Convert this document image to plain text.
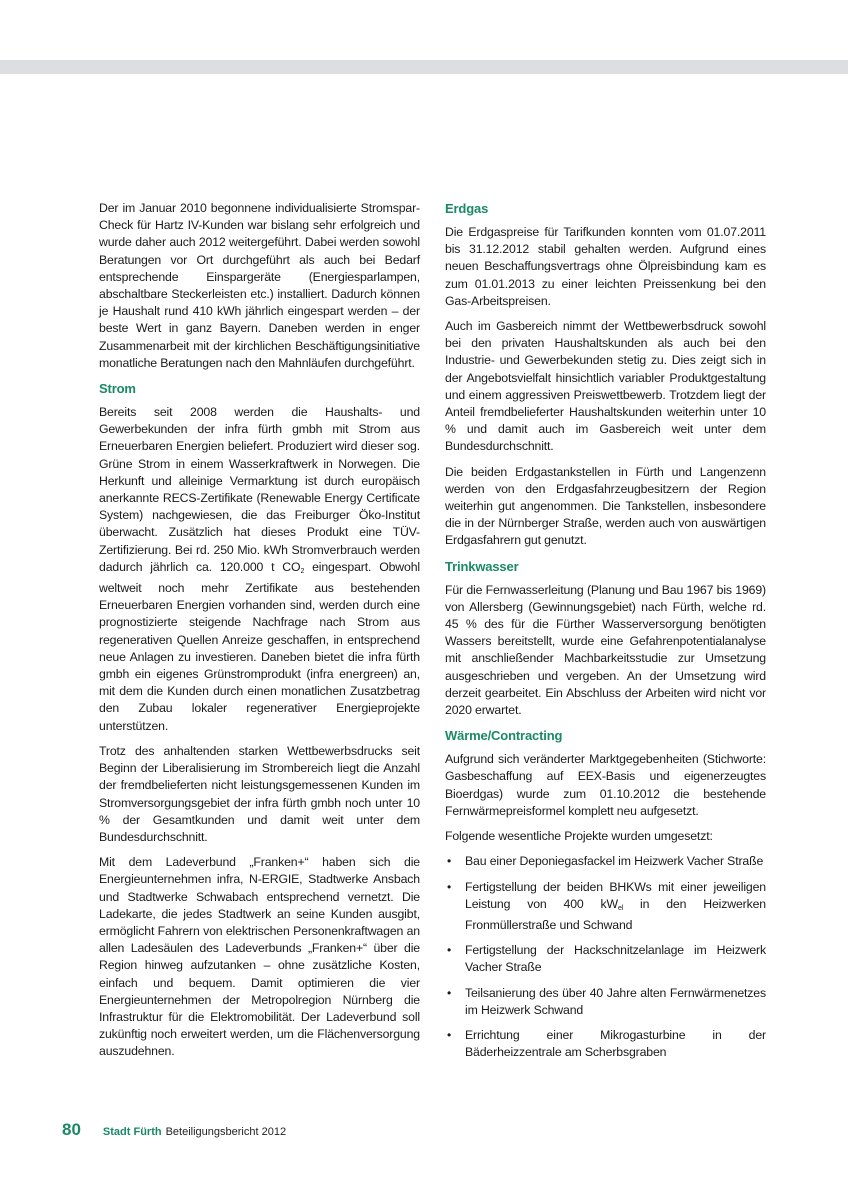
Der im Januar 2010 begonnene individualisierte Stromspar-Check für Hartz IV-Kunden war bislang sehr erfolgreich und wurde daher auch 2012 weitergeführt. Dabei werden sowohl Beratungen vor Ort durchgeführt als auch bei Bedarf entsprechende Einspargeräte (Energiesparlampen, abschaltbare Steckerleisten etc.) installiert. Dadurch können je Haushalt rund 410 kWh jährlich eingespart werden – der beste Wert in ganz Bayern. Daneben werden in enger Zusammenarbeit mit der kirchlichen Beschäftigungsinitiative monatliche Beratungen nach den Mahnläufen durchgeführt.

Strom

Bereits seit 2008 werden die Haushalts- und Gewerbekunden der infra fürth gmbh mit Strom aus Erneuerbaren Energien beliefert. Produziert wird dieser sog. Grüne Strom in einem Wasserkraftwerk in Norwegen. Die Herkunft und alleinige Vermarktung ist durch europäisch anerkannte RECS-Zertifikate (Renewable Energy Certificate System) nachgewiesen, die das Freiburger Öko-Institut überwacht. Zusätzlich hat dieses Produkt eine TÜV-Zertifizierung. Bei rd. 250 Mio. kWh Stromverbrauch werden dadurch jährlich ca. 120.000 t $CO_2$ eingespart. Obwohl weltweit noch mehr Zertifikate aus bestehenden Erneuerbaren Energien vorhanden sind, werden durch eine prognostizierte steigende Nachfrage nach Strom aus regenerativen Quellen Anreize geschaffen, in entsprechend neue Anlagen zu investieren. Daneben bietet die infra fürth gmbh ein eigenes Grünstromprodukt (infra energreen) an, mit dem die Kunden durch einen monatlichen Zusatzbetrag den Zubau lokaler regenerativer Energieprojekte unterstützen.

Trotz des anhaltenden starken Wettbewerbsdrucks seit Beginn der Liberalisierung im Strombereich liegt die Anzahl der fremdbelieferten nicht leistungsgemessenen Kunden im Stromversorgungsgebiet der infra fürth gmbh noch unter 10 % der Gesamtkunden und damit weit unter dem Bundesdurchschnitt.

Mit dem Ladeverbund „Franken+“ haben sich die Energieunternehmen infra, N-ERGIE, Stadtwerke Ansbach und Stadtwerke Schwabach entsprechend vernetzt. Die Ladekarte, die jedes Stadtwerk an seine Kunden ausgibt, ermöglicht Fahrern von elektrischen Personenkraftwagen an allen Ladesäulen des Ladeverbunds „Franken+“ über die Region hinweg aufzutanken – ohne zusätzliche Kosten, einfach und bequem. Damit optimieren die vier Energieunternehmen der Metropolregion Nürnberg die Infrastruktur für die Elektromobilität. Der Ladeverbund soll zukünftig noch erweitert werden, um die Flächenversorgung auszudehnen.

Erdgas

Die Erdgaspreise für Tarifkunden konnten vom 01.07.2011 bis 31.12.2012 stabil gehalten werden. Aufgrund eines neuen Beschaffungsvertrags ohne Ölpreisbindung kam es zum 01.01.2013 zu einer leichten Preissenkung bei den Gas-Arbeitspreisen.

Auch im Gasbereich nimmt der Wettbewerbsdruck sowohl bei den privaten Haushaltskunden als auch bei den Industrie- und Gewerbekunden stetig zu. Dies zeigt sich in der Angebotsvielfalt hinsichtlich variabler Produktgestaltung und einem aggressiven Preiswettbewerb. Trotzdem liegt der Anteil fremdbelieferter Haushaltskunden weiterhin unter 10 % und damit auch im Gasbereich weit unter dem Bundesdurchschnitt.

Die beiden Erdgastankstellen in Fürth und Langenzenn werden von den Erdgasfahrzeugbesitzern der Region weiterhin gut angenommen. Die Tankstellen, insbesondere die in der Nürnberger Straße, werden auch von auswärtigen Erdgasfahrern gut genutzt.

Trinkwasser

Für die Fernwasserleitung (Planung und Bau 1967 bis 1969) von Allersberg (Gewinnungsgebiet) nach Fürth, welche rd. 45 % des für die Fürther Wasserversorgung benötigten Wassers bereitstellt, wurde eine Gefahrenpotentialanalyse mit anschließender Machbarkeitsstudie zur Umsetzung ausgeschrieben und vergeben. An der Umsetzung wird derzeit gearbeitet. Ein Abschluss der Arbeiten wird nicht vor 2020 erwartet.

Wärme/Contracting

Aufgrund sich veränderter Marktgegebenheiten (Stichworte: Gasbeschaffung auf EEX-Basis und eigenerzeugtes Bioerdgas) wurde zum 01.10.2012 die bestehende Fernwärmepreisformel komplett neu aufgesetzt.

Folgende wesentliche Projekte wurden umgesetzt:

• Bau einer Deponiegasfackel im Heizwerk Vacher Straße
• Fertigstellung der beiden BHKWs mit einer jeweiligen Leistung von 400 $kW_{el}$ in den Heizwerken Fronmüllerstraße und Schwand
• Fertigstellung der Hackschnitzelanlage im Heizwerk Vacher Straße
• Teilsanierung des über 40 Jahre alten Fernwärmenetzes im Heizwerk Schwand
• Errichtung einer Mikrogasturbine in der Bäderheizzentrale am Scherbsgraben
80 Stadt Fürth Beteiligungsbericht 2012
